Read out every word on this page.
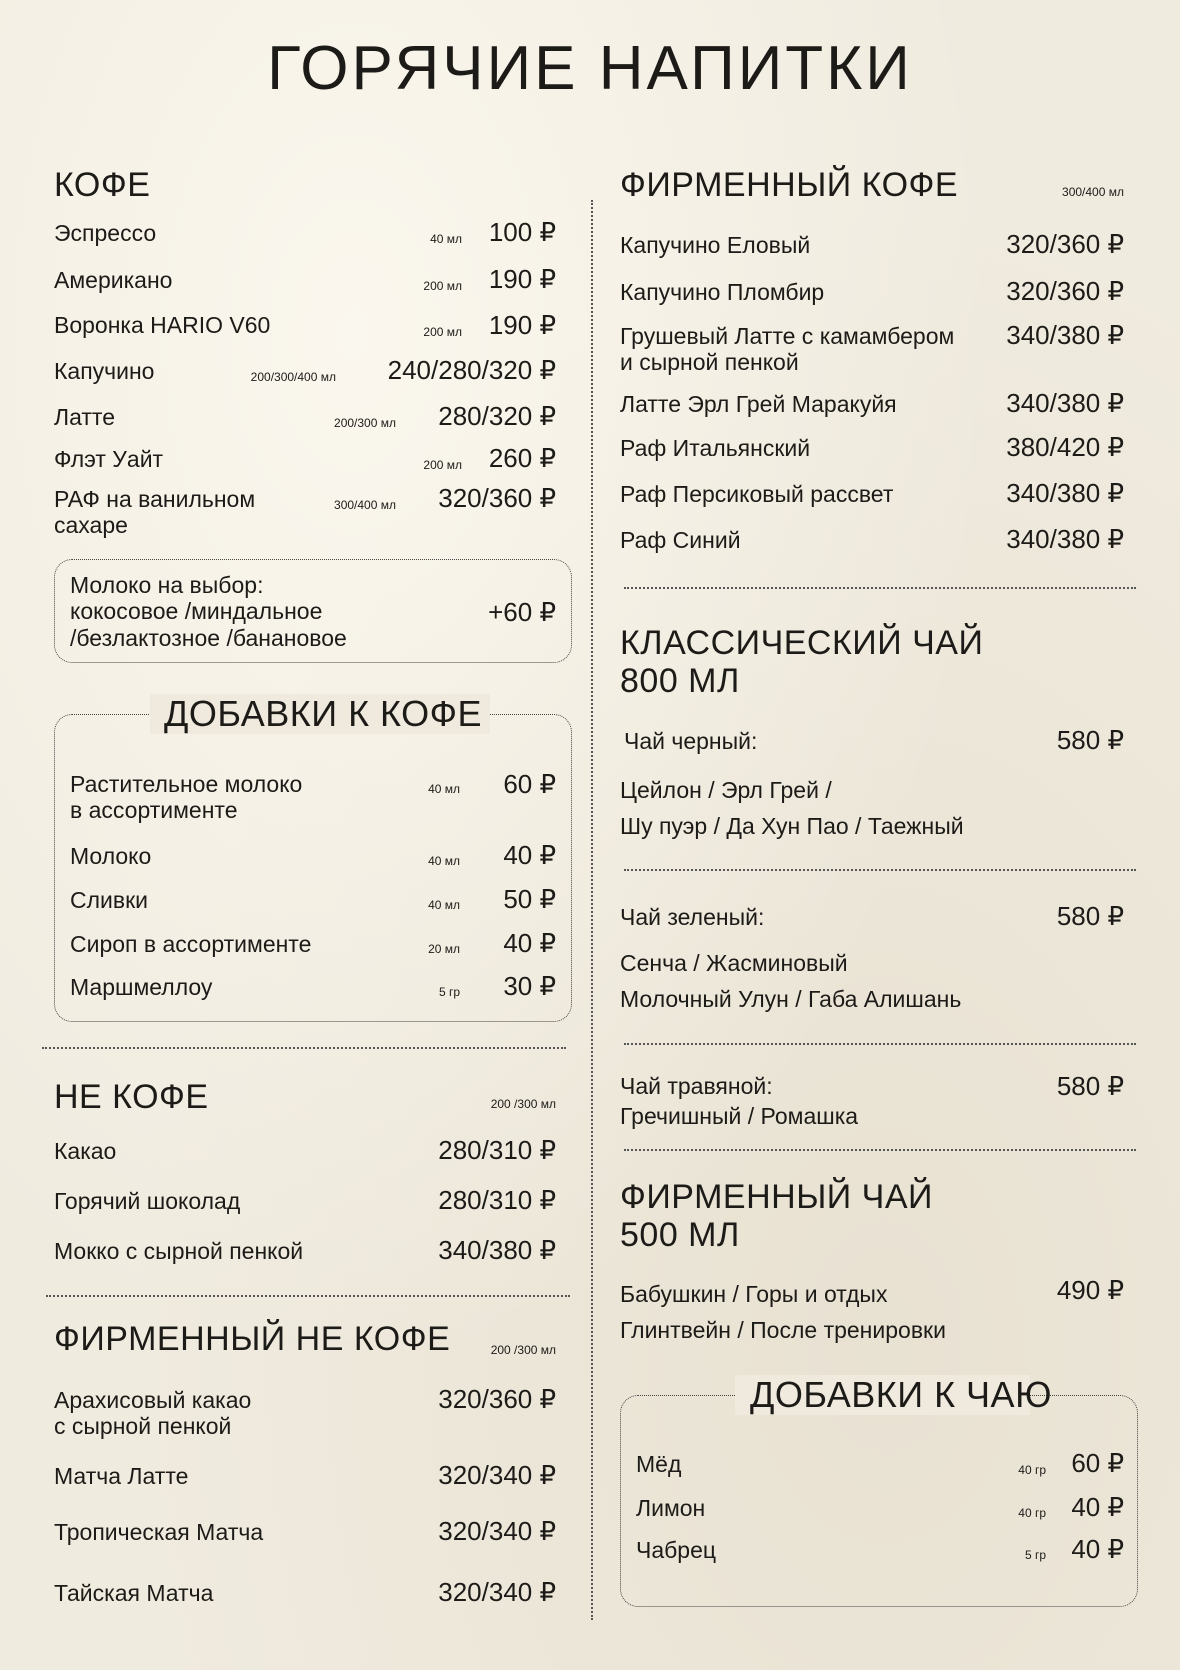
ГОРЯЧИЕ НАПИТКИ
КОФЕ
Эспрессо	40 мл	100 ₽
Американо	200 мл	190 ₽
Воронка HARIO V60	200 мл	190 ₽
Капучино	200/300/400 мл	240/280/320 ₽
Латте	200/300 мл	280/320 ₽
Флэт Уайт	200 мл	260 ₽
РАФ на ванильном
сахаре
300/400 мл	320/360 ₽
Молоко на выбор:
кокосовое /миндальное
/безлактозное /банановое
+60 ₽
ДОБАВКИ К КОФЕ
Растительное молоко
в ассортименте
40 мл	60 ₽
Молоко	40 мл	40 ₽
Сливки	40 мл	50 ₽
Сироп в ассортименте	20 мл	40 ₽
Маршмеллоу	5 гр	30 ₽
НЕ КОФЕ	200 /300 мл
Какао	280/310 ₽
Горячий шоколад	280/310 ₽
Мокко с сырной пенкой	340/380 ₽
ФИРМЕННЫЙ НЕ КОФЕ	200 /300 мл
Арахисовый какао
с сырной пенкой
320/360 ₽
Матча Латте	320/340 ₽
Тропическая Матча	320/340 ₽
Тайская Матча	320/340 ₽
ФИРМЕННЫЙ КОФЕ	300/400 мл
Капучино Еловый	320/360 ₽
Капучино Пломбир	320/360 ₽
Грушевый Латте с камамбером
и сырной пенкой
340/380 ₽
Латте Эрл Грей Маракуйя	340/380 ₽
Раф Итальянский	380/420 ₽
Раф Персиковый рассвет	340/380 ₽
Раф Синий	340/380 ₽
КЛАССИЧЕСКИЙ ЧАЙ
800 МЛ
Чай черный:	580 ₽
Цейлон / Эрл Грей /
Шу пуэр / Да Хун Пао / Таежный
Чай зеленый:	580 ₽
Сенча / Жасминовый
Молочный Улун / Габа Алишань
Чай травяной:
Гречишный / Ромашка
580 ₽
ФИРМЕННЫЙ ЧАЙ
500 МЛ
Бабушкин / Горы и отдых
Глинтвейн / После тренировки
490 ₽
ДОБАВКИ К ЧАЮ
Мёд	40 гр 60 ₽
Лимон	40 гр 40 ₽
Чабрец	5 гр 40 ₽
